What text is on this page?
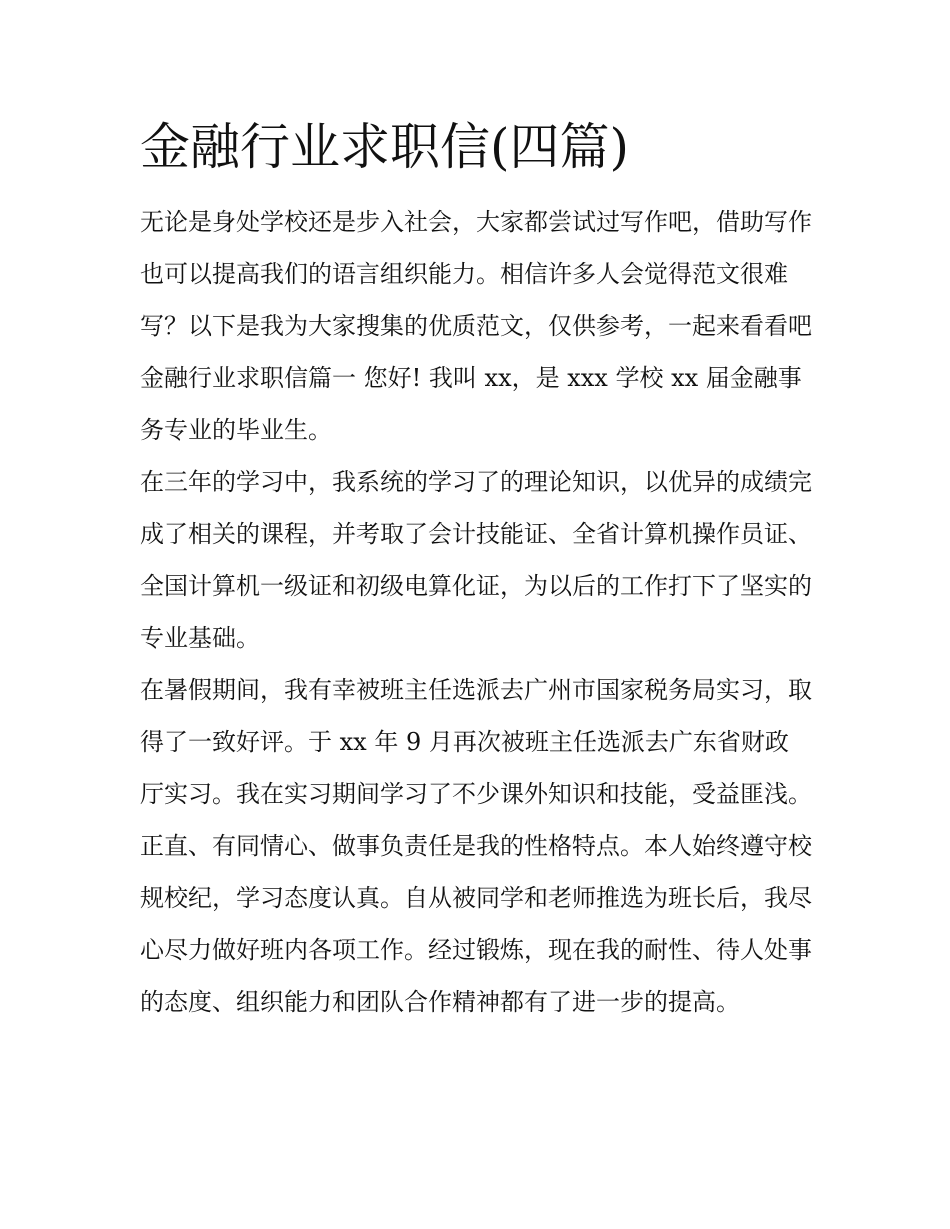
金融行业求职信(四篇)

无论是身处学校还是步入社会，大家都尝试过写作吧，借助写作也可以提高我们的语言组织能力。相信许多人会觉得范文很难写？以下是我为大家搜集的优质范文，仅供参考，一起来看看吧

金融行业求职信篇一 您好! 我叫 xx，是 xxx 学校 xx 届金融事务专业的毕业生。

在三年的学习中，我系统的学习了的理论知识，以优异的成绩完成了相关的课程，并考取了会计技能证、全省计算机操作员证、全国计算机一级证和初级电算化证，为以后的工作打下了坚实的专业基础。

在暑假期间，我有幸被班主任选派去广州市国家税务局实习，取得了一致好评。于 xx 年 9 月再次被班主任选派去广东省财政厅实习。我在实习期间学习了不少课外知识和技能，受益匪浅。正直、有同情心、做事负责任是我的性格特点。本人始终遵守校规校纪，学习态度认真。自从被同学和老师推选为班长后，我尽心尽力做好班内各项工作。经过锻炼，现在我的耐性、待人处事的态度、组织能力和团队合作精神都有了进一步的提高。
